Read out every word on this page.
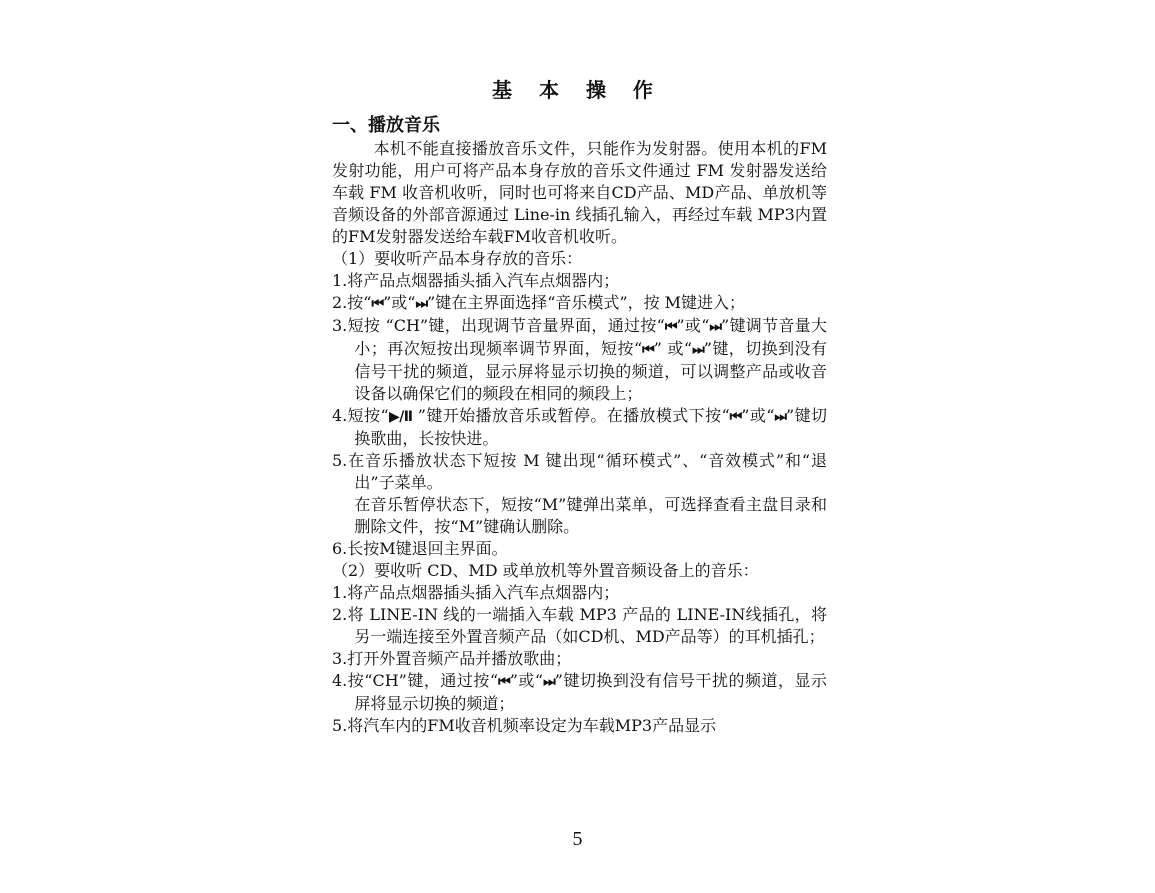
基 本 操 作

一、播放音乐

本机不能直接播放音乐文件，只能作为发射器。使用本机的FM发射功能，用户可将产品本身存放的音乐文件通过 FM 发射器发送给车载 FM 收音机收听，同时也可将来自CD产品、MD产品、单放机等音频设备的外部音源通过 Line-in 线插孔输入，再经过车载 MP3内置的FM发射器发送给车载FM收音机收听。

（1）要收听产品本身存放的音乐：

1.将产品点烟器插头插入汽车点烟器内；

2.按“⏮”或“⏭”键在主界面选择“音乐模式”，按 M键进入；

3.短按 “CH”键，出现调节音量界面，通过按“⏮”或“⏭”键调节音量大小；再次短按出现频率调节界面，短按“⏮” 或“⏭”键，切换到没有信号干扰的频道，显示屏将显示切换的频道，可以调整产品或收音设备以确保它们的频段在相同的频段上；

4.短按“▶/Ⅱ ”键开始播放音乐或暂停。在播放模式下按“⏮”或“⏭”键切换歌曲，长按快进。

5.在音乐播放状态下短按 M 键出现“循环模式”、“音效模式”和“退出”子菜单。

在音乐暂停状态下，短按“M”键弹出菜单，可选择查看主盘目录和删除文件，按“M”键确认删除。

6.长按M键退回主界面。

（2）要收听 CD、MD 或单放机等外置音频设备上的音乐：

1.将产品点烟器插头插入汽车点烟器内；

2.将 LINE-IN 线的一端插入车载 MP3 产品的 LINE-IN线插孔，将另一端连接至外置音频产品（如CD机、MD产品等）的耳机插孔；

3.打开外置音频产品并播放歌曲；

4.按“CH”键，通过按“⏮”或“⏭”键切换到没有信号干扰的频道，显示屏将显示切换的频道；

5.将汽车内的FM收音机频率设定为车载MP3产品显示

5
